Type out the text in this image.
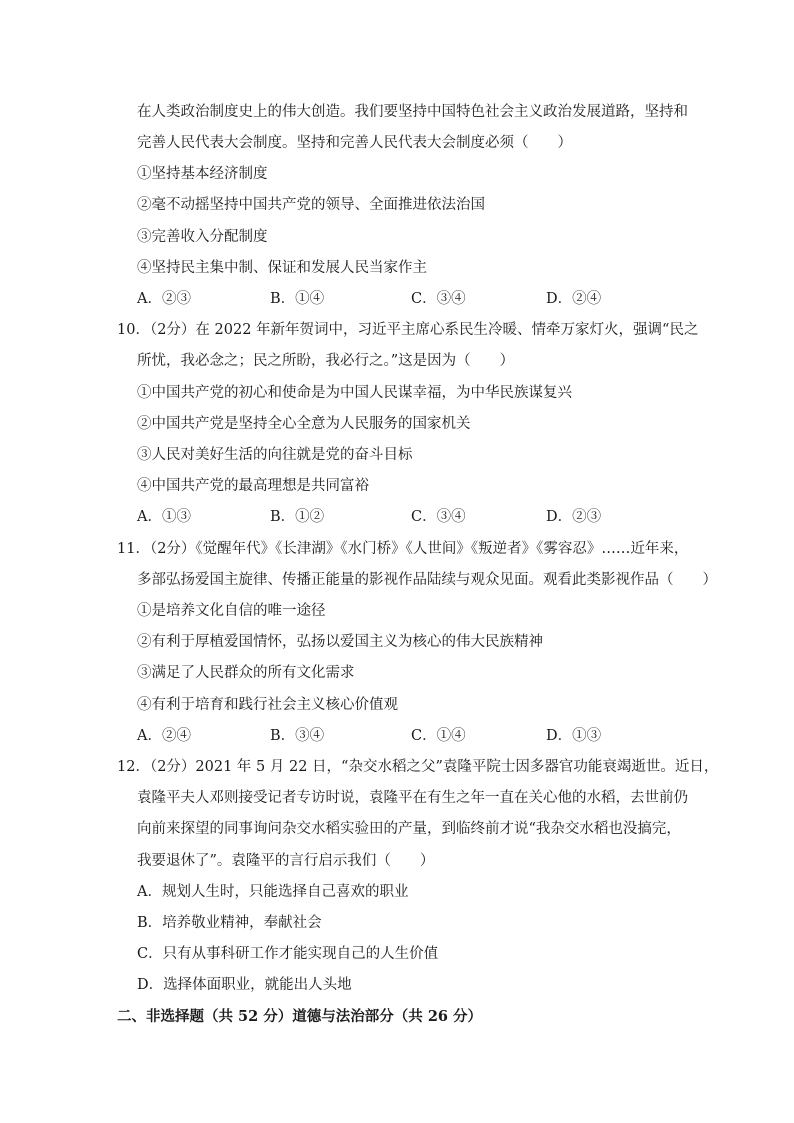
在人类政治制度史上的伟大创造。我们要坚持中国特色社会主义政治发展道路，坚持和
完善人民代表大会制度。坚持和完善人民代表大会制度必须（　　）
①坚持基本经济制度
②毫不动摇坚持中国共产党的领导、全面推进依法治国
③完善收入分配制度
④坚持民主集中制、保证和发展人民当家作主
A．②③	B．①④	C．③④	D．②④
10．（2分）在 2022 年新年贺词中，习近平主席心系民生冷暖、情牵万家灯火，强调“民之
所忧，我必念之；民之所盼，我必行之。”这是因为（　　）
①中国共产党的初心和使命是为中国人民谋幸福，为中华民族谋复兴
②中国共产党是坚持全心全意为人民服务的国家机关
③人民对美好生活的向往就是党的奋斗目标
④中国共产党的最高理想是共同富裕
A．①③	B．①②	C．③④	D．②③
11．（2分）《觉醒年代》《长津湖》《水门桥》《人世间》《叛逆者》《雾容忍》……近年来，
多部弘扬爱国主旋律、传播正能量的影视作品陆续与观众见面。观看此类影视作品（　　）
①是培养文化自信的唯一途径
②有利于厚植爱国情怀，弘扬以爱国主义为核心的伟大民族精神
③满足了人民群众的所有文化需求
④有利于培育和践行社会主义核心价值观
A．②④	B．③④	C．①④	D．①③
12．（2分）2021 年 5 月 22 日，“杂交水稻之父”袁隆平院士因多器官功能衰竭逝世。近日，
袁隆平夫人邓则接受记者专访时说，袁隆平在有生之年一直在关心他的水稻，去世前仍
向前来探望的同事询问杂交水稻实验田的产量，到临终前才说“我杂交水稻也没搞完，
我要退休了”。袁隆平的言行启示我们（　　）
A．规划人生时，只能选择自己喜欢的职业
B．培养敬业精神，奉献社会
C．只有从事科研工作才能实现自己的人生价值
D．选择体面职业，就能出人头地
二、非选择题（共 52 分）道德与法治部分（共 26 分）
